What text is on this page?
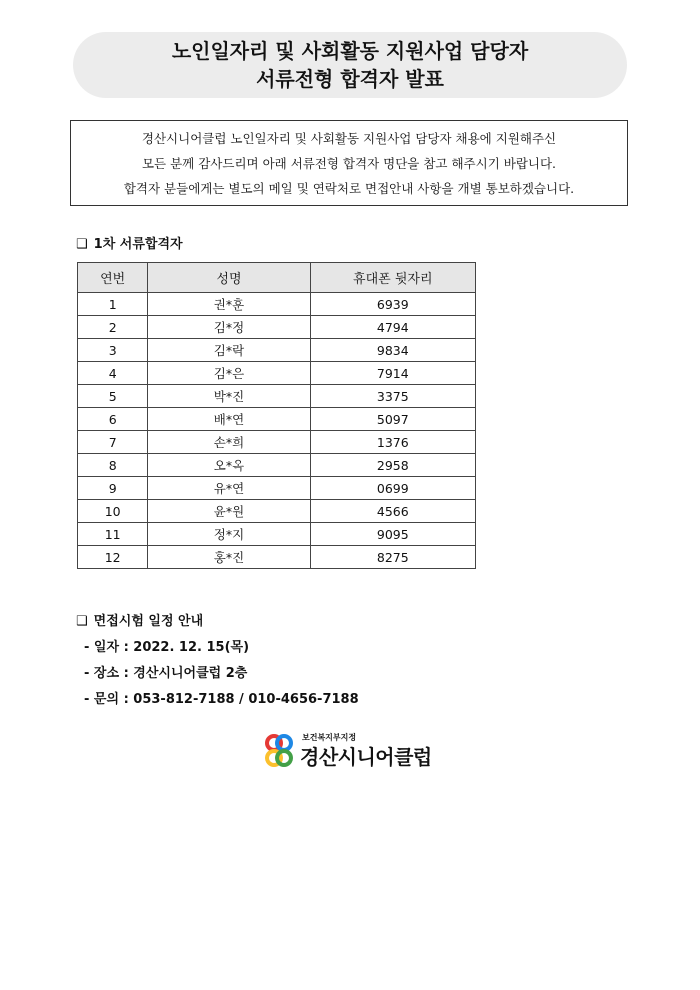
노인일자리 및 사회활동 지원사업 담당자
서류전형 합격자 발표
경산시니어클럽 노인일자리 및 사회활동 지원사업 담당자 채용에 지원해주신
모든 분께 감사드리며 아래 서류전형 합격자 명단을 참고 해주시기 바랍니다.
합격자 분들에게는 별도의 메일 및 연락처로 면접안내 사항을 개별 통보하겠습니다.
❑ 1차 서류합격자
연번	성명	휴대폰 뒷자리
1	권*훈	6939
2	김*정	4794
3	김*락	9834
4	김*은	7914
5	박*진	3375
6	배*연	5097
7	손*희	1376
8	오*옥	2958
9	유*연	0699
10	윤*원	4566
11	정*지	9095
12	홍*진	8275
❑ 면접시험 일정 안내
- 일자 : 2022. 12. 15(목)
- 장소 : 경산시니어클럽 2층
- 문의 : 053-812-7188 / 010-4656-7188
보건복지부지정
경산시니어클럽
